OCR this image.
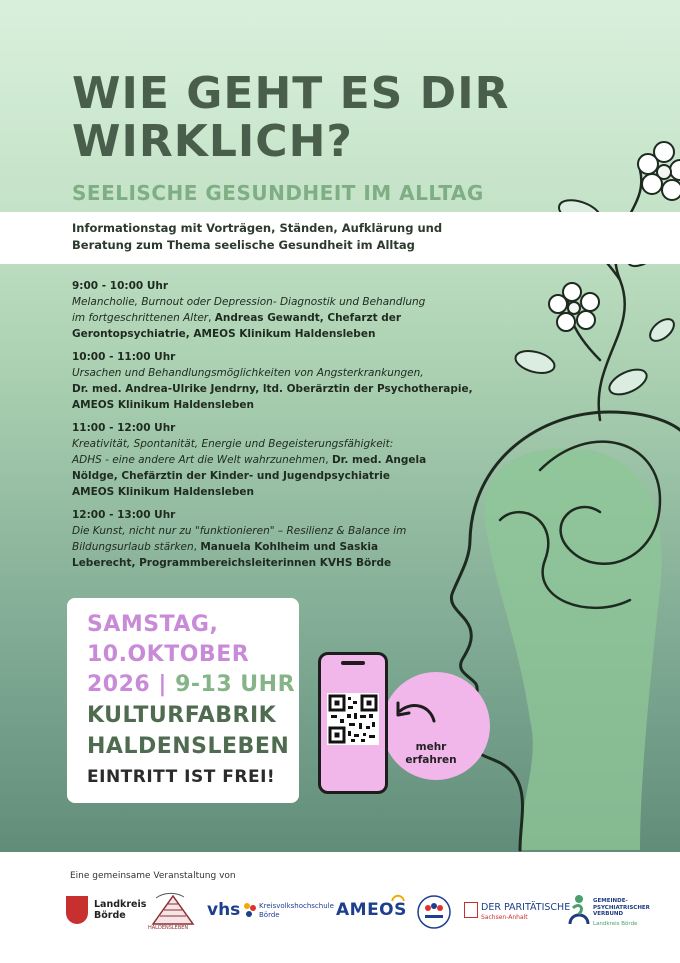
WIE GEHT ES DIR
WIRKLICH?
SEELISCHE GESUNDHEIT IM ALLTAG
Informationstag mit Vorträgen, Ständen, Aufklärung und
Beratung zum Thema seelische Gesundheit im Alltag
9:00 - 10:00 Uhr
Melancholie, Burnout oder Depression- Diagnostik und Behandlung
im fortgeschrittenen Alter, Andreas Gewandt, Chefarzt der
Gerontopsychiatrie, AMEOS Klinikum Haldensleben
10:00 - 11:00 Uhr
Ursachen und Behandlungsmöglichkeiten von Angsterkrankungen,
Dr. med. Andrea-Ulrike Jendrny, ltd. Oberärztin der Psychotherapie,
AMEOS Klinikum Haldensleben
11:00 - 12:00 Uhr
Kreativität, Spontanität, Energie und Begeisterungsfähigkeit:
ADHS - eine andere Art die Welt wahrzunehmen, Dr. med. Angela
Nöldge, Chefärztin der Kinder- und Jugendpsychiatrie
AMEOS Klinikum Haldensleben
12:00 - 13:00 Uhr
Die Kunst, nicht nur zu "funktionieren" – Resilienz & Balance im
Bildungsurlaub stärken, Manuela Kohlheim und Saskia
Leberecht, Programmbereichsleiterinnen KVHS Börde
SAMSTAG,
10.OKTOBER
2026 | 9-13 UHR
KULTURFABRIK
HALDENSLEBEN
EINTRITT IST FREI!
mehr
erfahren
Eine gemeinsame Veranstaltung von
Landkreis
Börde
HALDENSLEBEN
vhs	Kreisvolkshochschule
Börde	AMEOS	DER PARITÄTISCHE
Sachsen-Anhalt
GEMEINDE-
PSYCHIATRISCHER
VERBUND
Landkreis Börde
